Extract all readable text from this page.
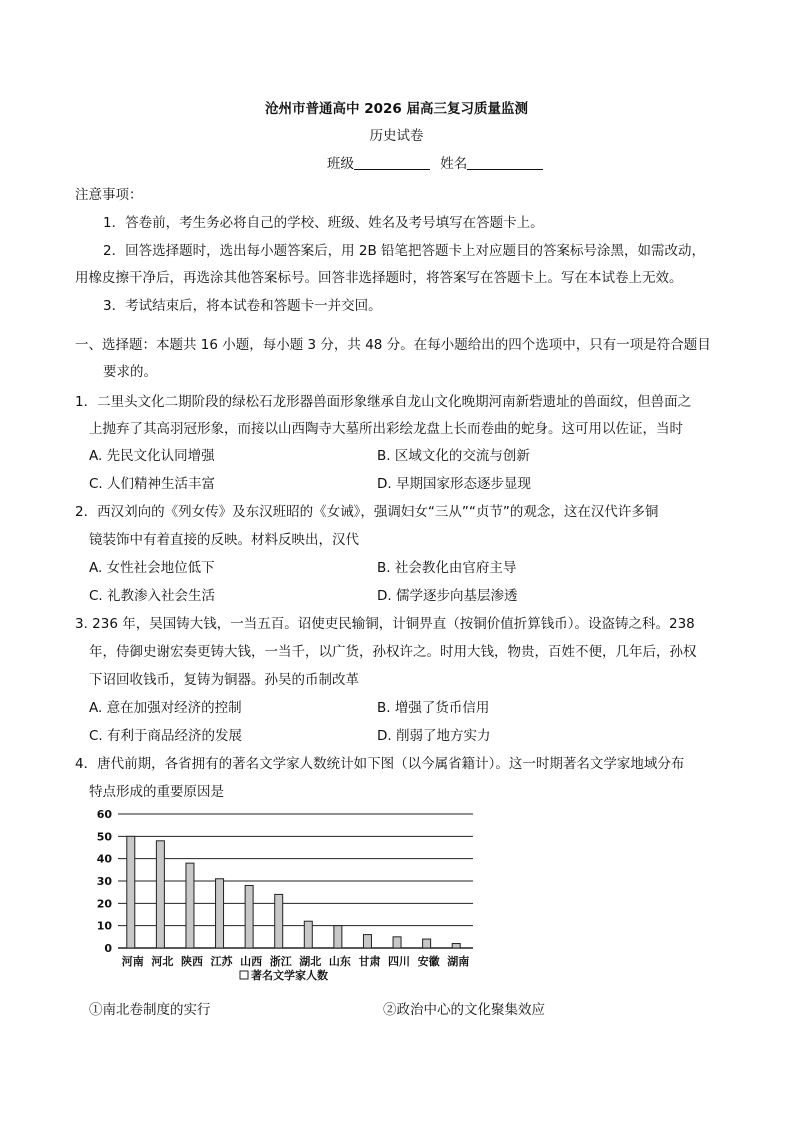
沧州市普通高中 2026 届高三复习质量监测
历史试卷
班级	姓名
注意事项：
1．答卷前，考生务必将自己的学校、班级、姓名及考号填写在答题卡上。
2．回答选择题时，选出每小题答案后，用 2B 铅笔把答题卡上对应题目的答案标号涂黑，如需改动，
用橡皮擦干净后，再选涂其他答案标号。回答非选择题时，将答案写在答题卡上。写在本试卷上无效。
3．考试结束后，将本试卷和答题卡一并交回。
一、选择题：本题共 16 小题，每小题 3 分，共 48 分。在每小题给出的四个选项中，只有一项是符合题目
要求的。
1．二里头文化二期阶段的绿松石龙形器兽面形象继承自龙山文化晚期河南新砦遗址的兽面纹，但兽面之
上抛弃了其高羽冠形象，而接以山西陶寺大墓所出彩绘龙盘上长而卷曲的蛇身。这可用以佐证，当时
A. 先民文化认同增强	B. 区域文化的交流与创新
C. 人们精神生活丰富	D. 早期国家形态逐步显现
2．西汉刘向的《列女传》及东汉班昭的《女诫》，强调妇女“三从”“贞节”的观念，这在汉代许多铜
镜装饰中有着直接的反映。材料反映出，汉代
A. 女性社会地位低下	B. 社会教化由官府主导
C. 礼教渗入社会生活	D. 儒学逐步向基层渗透
3. 236 年，吴国铸大钱，一当五百。诏使吏民输铜，计铜畀直（按铜价值折算钱币）。设盗铸之科。238
年，侍御史谢宏奏更铸大钱，一当千，以广货，孙权许之。时用大钱，物贵，百姓不便，几年后，孙权
下诏回收钱币，复铸为铜器。孙吴的币制改革
A. 意在加强对经济的控制	B. 增强了货币信用
C. 有利于商品经济的发展	D. 削弱了地方实力
4．唐代前期，各省拥有的著名文学家人数统计如下图（以今属省籍计）。这一时期著名文学家地域分布
特点形成的重要原因是
0
10
20
30
40
50
60
河南 河北 陕西 江苏 山西 浙江 湖北 山东 甘肃 四川 安徽 湖南
著名文学家人数
①南北卷制度的实行	②政治中心的文化聚集效应
